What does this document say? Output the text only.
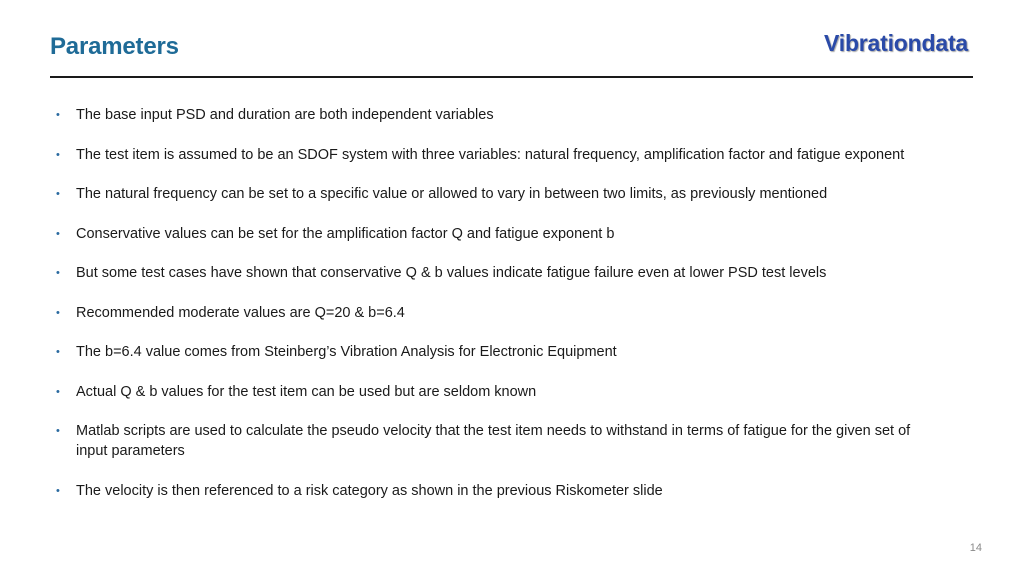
Parameters	Vibrationdata
• The base input PSD and duration are both independent variables
• The test item is assumed to be an SDOF system with three variables: natural frequency, amplification factor and fatigue exponent
• The natural frequency can be set to a specific value or allowed to vary in between two limits, as previously mentioned
• Conservative values can be set for the amplification factor Q and fatigue exponent b
• But some test cases have shown that conservative Q & b values indicate fatigue failure even at lower PSD test levels
• Recommended moderate values are Q=20 & b=6.4
• The b=6.4 value comes from Steinberg’s Vibration Analysis for Electronic Equipment
• Actual Q & b values for the test item can be used but are seldom known
• Matlab scripts are used to calculate the pseudo velocity that the test item needs to withstand in terms of fatigue for the given set of input parameters
• The velocity is then referenced to a risk category as shown in the previous Riskometer slide
14
